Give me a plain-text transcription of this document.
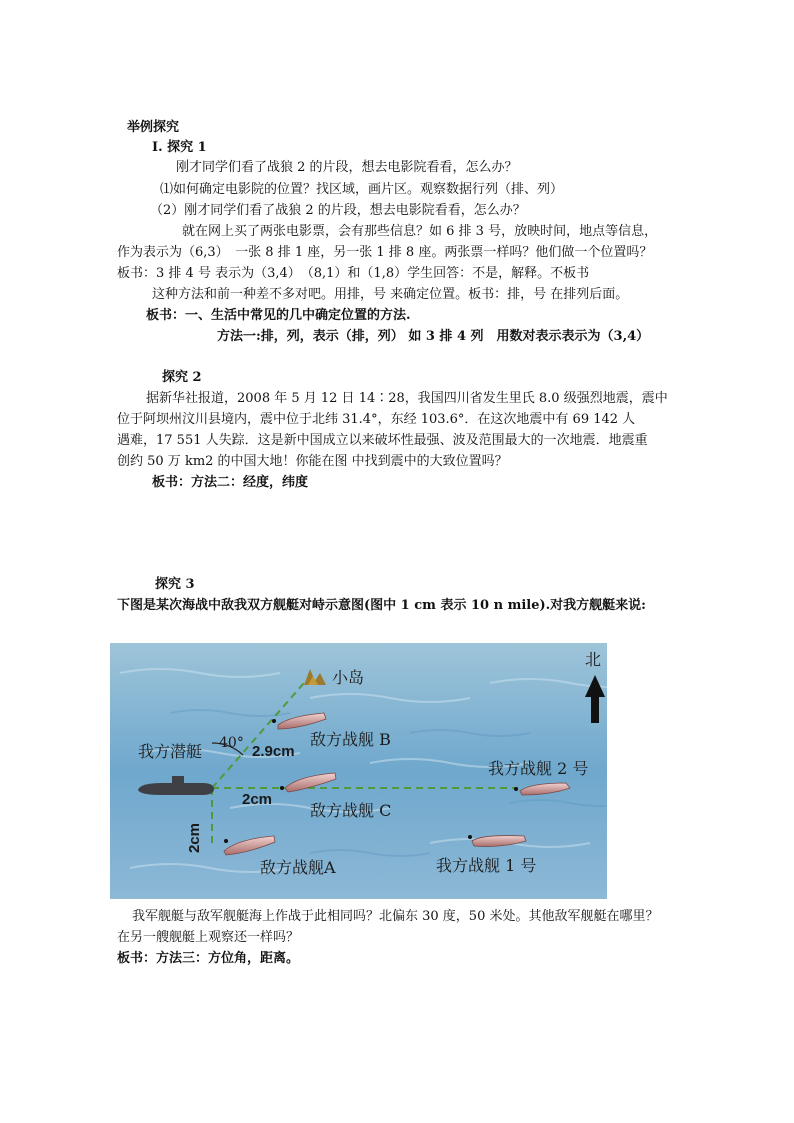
举例探究
Ⅰ. 探究 1
刚才同学们看了战狼 2 的片段，想去电影院看看，怎么办？
⑴如何确定电影院的位置？找区域，画片区。观察数据行列（排、列）
（2）刚才同学们看了战狼 2 的片段，想去电影院看看，怎么办？
就在网上买了两张电影票，会有那些信息？如 6 排 3 号，放映时间，地点等信息，
作为表示为（6,3）　一张 8 排 1 座，另一张 1 排 8 座。两张票一样吗？他们做一个位置吗？
板书：3 排 4 号 表示为（3,4）　（8,1）和（1,8）学生回答：不是，解释。不板书
这种方法和前一种差不多对吧。用排，号 来确定位置。板书：排，号 在排列后面。
板书：一、生活中常见的几中确定位置的方法.
方法一:排，列，表示（排，列） 如 3 排 4 列　用数对表示表示为（3,4）
探究 2
据新华社报道，2008 年 5 月 12 日 14∶28，我国四川省发生里氏 8.0 级强烈地震，震中
位于阿坝州汶川县境内，震中位于北纬 31.4°，东经 103.6°．在这次地震中有 69 142 人
遇难，17 551 人失踪．这是新中国成立以来破坏性最强、波及范围最大的一次地震．地震重
创约 50 万 km2 的中国大地！你能在图 中找到震中的大致位置吗？
板书：方法二：经度，纬度
探究 3
下图是某次海战中敌我双方舰艇对峙示意图(图中 1 cm 表示 10 n mile).对我方舰艇来说:
北
小岛
我方潜艇 40°	敌方战舰 B
敌方战舰 C
敌方战舰A
我方战舰 2 号
我方战舰 1 号
2.9cm
2cm
2cm
我军舰艇与敌军舰艇海上作战于此相同吗？北偏东 30 度，50 米处。其他敌军舰艇在哪里？
在另一艘舰艇上观察还一样吗？
板书：方法三：方位角，距离。
